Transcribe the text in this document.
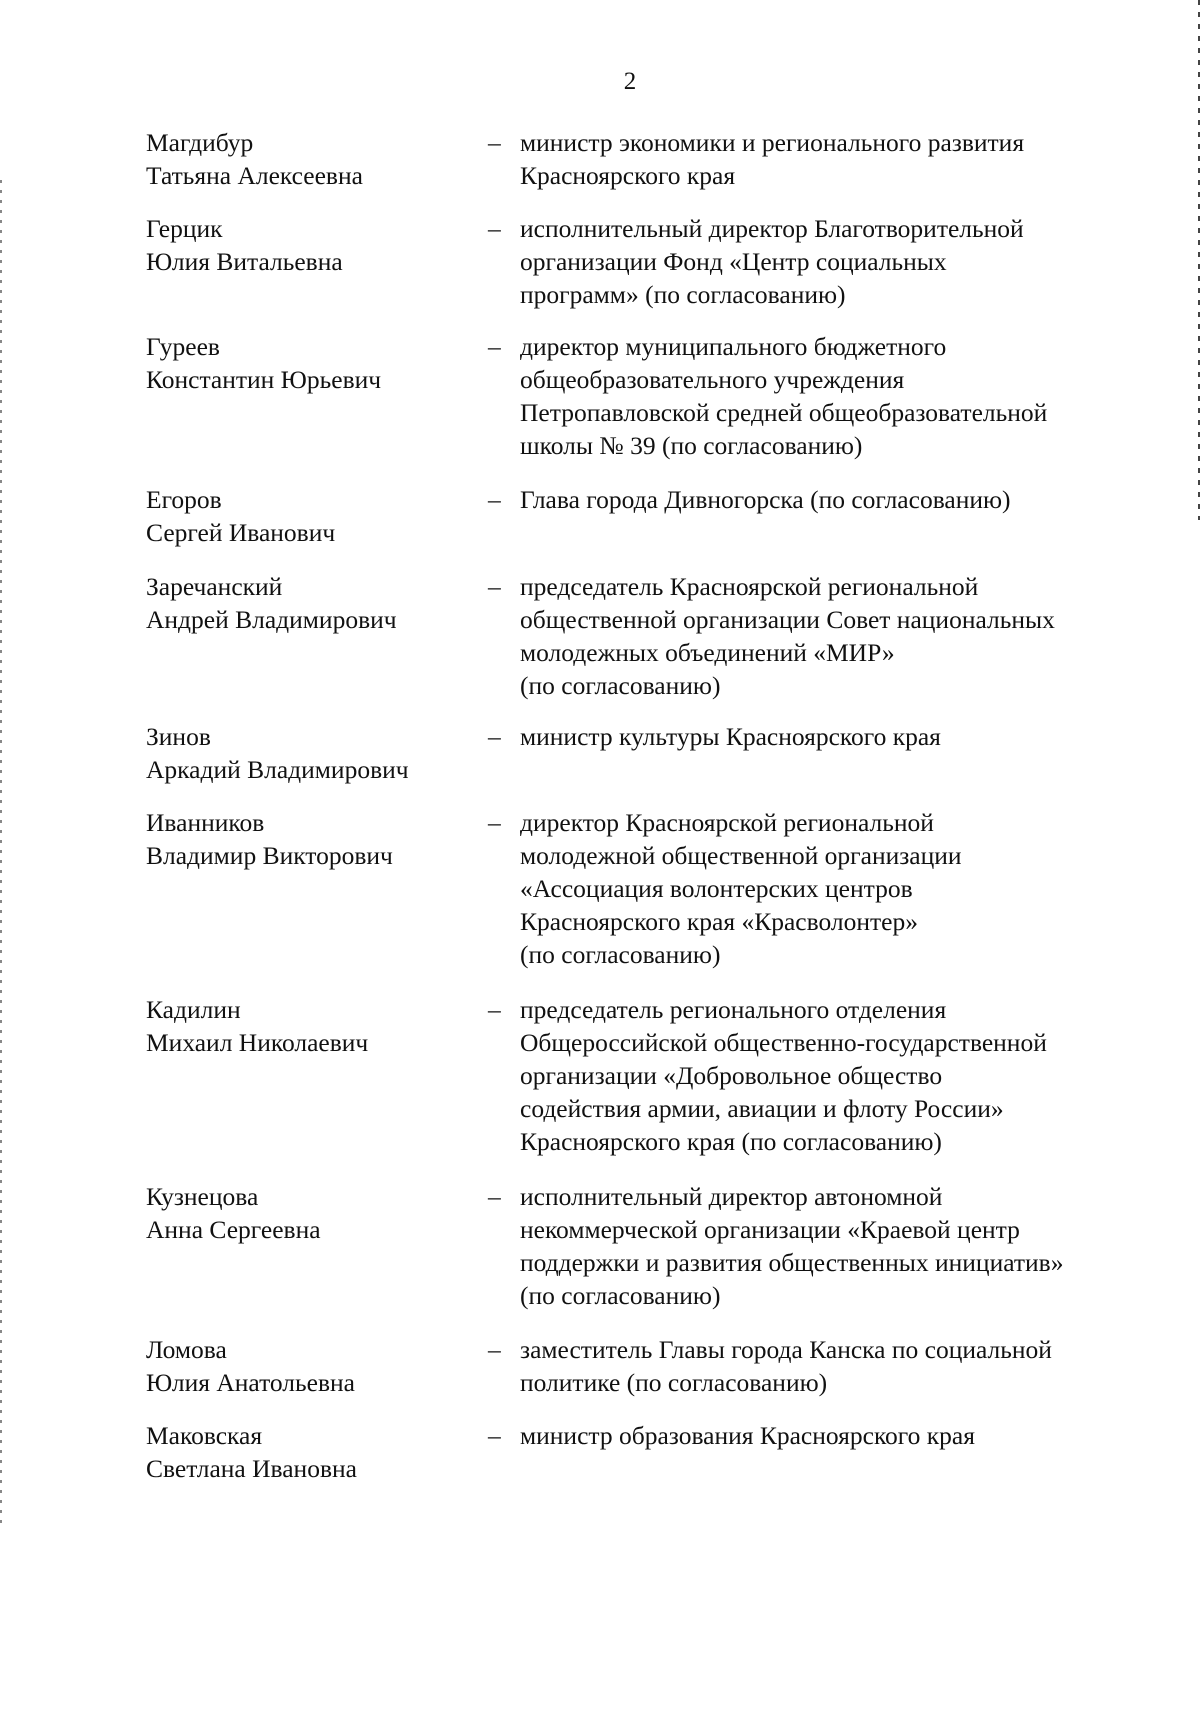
2
Магдибур
Татьяна Алексеевна
– министр экономики и регионального развития
Красноярского края
Герцик
Юлия Витальевна
– исполнительный директор Благотворительной
организации Фонд «Центр социальных
программ» (по согласованию)
Гуреев
Константин Юрьевич
– директор муниципального бюджетного
общеобразовательного учреждения
Петропавловской средней общеобразовательной
школы № 39 (по согласованию)
Егоров
Сергей Иванович
– Глава города Дивногорска (по согласованию)
Заречанский
Андрей Владимирович
– председатель Красноярской региональной
общественной организации Совет национальных
молодежных объединений «МИР»
(по согласованию)
Зинов
Аркадий Владимирович
– министр культуры Красноярского края
Иванников
Владимир Викторович
– директор Красноярской региональной
молодежной общественной организации
«Ассоциация волонтерских центров
Красноярского края «Красволонтер»
(по согласованию)
Кадилин
Михаил Николаевич
– председатель регионального отделения
Общероссийской общественно-государственной
организации «Добровольное общество
содействия армии, авиации и флоту России»
Красноярского края (по согласованию)
Кузнецова
Анна Сергеевна
– исполнительный директор автономной
некоммерческой организации «Краевой центр
поддержки и развития общественных инициатив»
(по согласованию)
Ломова
Юлия Анатольевна
– заместитель Главы города Канска по социальной
политике (по согласованию)
Маковская
Светлана Ивановна
– министр образования Красноярского края
